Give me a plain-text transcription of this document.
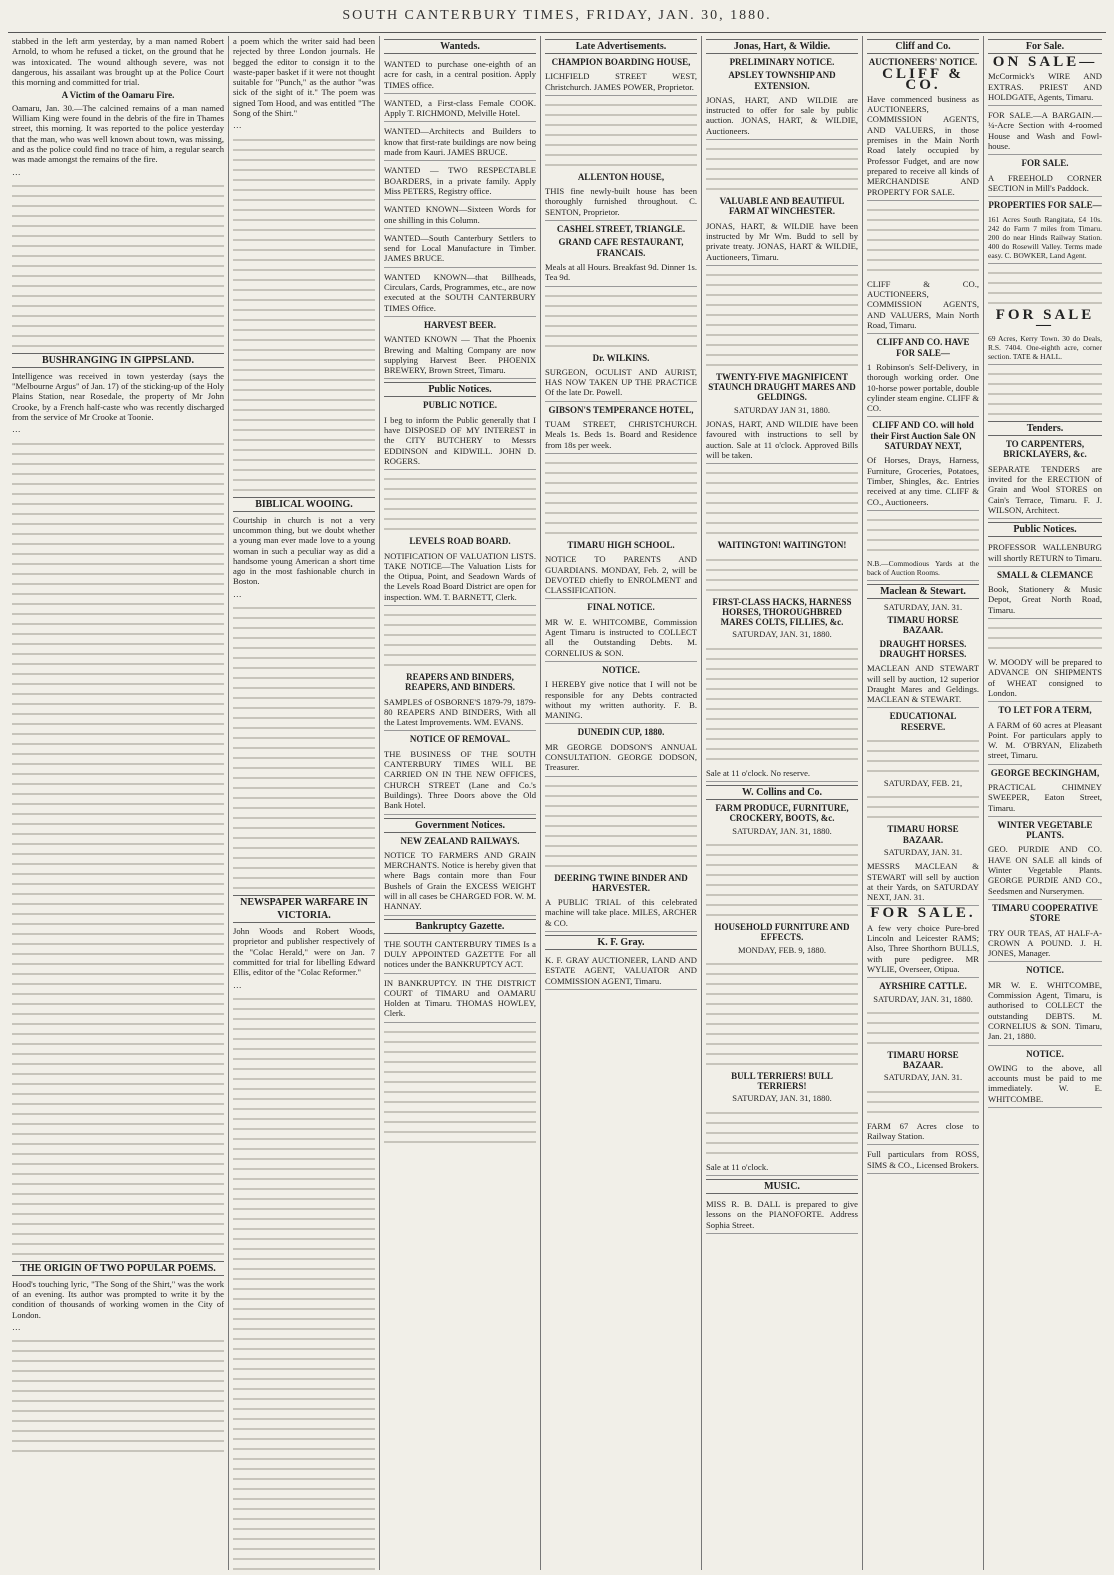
SOUTH CANTERBURY TIMES, FRIDAY, JAN. 30, 1880.

stabbed in the left arm yesterday, by a man named Robert Arnold, to whom he refused a ticket, on the ground that he was intoxicated. The wound although severe, was not dangerous, his assailant was brought up at the Police Court this morning and committed for trial.

A Victim of the Oamaru Fire.

Oamaru, Jan. 30.—The calcined remains of a man named William King were found in the debris of the fire in Thames street, this morning. It was reported to the police yesterday that the man, who was well known about town, was missing, and as the police could find no trace of him, a regular search was made amongst the remains of the fire.

…

BUSHRANGING IN GIPPSLAND.

Intelligence was received in town yesterday (says the "Melbourne Argus" of Jan. 17) of the sticking-up of the Holy Plains Station, near Rosedale, the property of Mr John Crooke, by a French half-caste who was recently discharged from the service of Mr Crooke at Toonie.

…

THE ORIGIN OF TWO POPULAR POEMS.

Hood's touching lyric, "The Song of the Shirt," was the work of an evening. Its author was prompted to write it by the condition of thousands of working women in the City of London.

…

a poem which the writer said had been rejected by three London journals. He begged the editor to consign it to the waste-paper basket if it were not thought suitable for "Punch," as the author "was sick of the sight of it." The poem was signed Tom Hood, and was entitled "The Song of the Shirt."

…

BIBLICAL WOOING.

Courtship in church is not a very uncommon thing, but we doubt whether a young man ever made love to a young woman in such a peculiar way as did a handsome young American a short time ago in the most fashionable church in Boston.

…

NEWSPAPER WARFARE IN VICTORIA.

John Woods and Robert Woods, proprietor and publisher respectively of the "Colac Herald," were on Jan. 7 committed for trial for libelling Edward Ellis, editor of the "Colac Reformer."

…

Wanteds.
WANTED to purchase one-eighth of an acre for cash, in a central position. Apply TIMES office.
WANTED, a First-class Female COOK. Apply T. RICHMOND, Melville Hotel.
WANTED—Architects and Builders to know that first-rate buildings are now being made from Kauri. JAMES BRUCE.
WANTED — TWO RESPECTABLE BOARDERS, in a private family. Apply Miss PETERS, Registry office.
WANTED KNOWN—Sixteen Words for one shilling in this Column.
WANTED—South Canterbury Settlers to send for Local Manufacture in Timber. JAMES BRUCE.
WANTED KNOWN—that Billheads, Circulars, Cards, Programmes, etc., are now executed at the SOUTH CANTERBURY TIMES Office.
HARVEST BEER.
WANTED KNOWN — That the Phoenix Brewing and Malting Company are now supplying Harvest Beer. PHOENIX BREWERY, Brown Street, Timaru.
Public Notices.
PUBLIC NOTICE.
I beg to inform the Public generally that I have DISPOSED OF MY INTEREST in the CITY BUTCHERY to Messrs EDDINSON and KIDWILL. JOHN D. ROGERS.
LEVELS ROAD BOARD.
NOTIFICATION OF VALUATION LISTS. TAKE NOTICE—The Valuation Lists for the Otipua, Point, and Seadown Wards of the Levels Road Board District are open for inspection. WM. T. BARNETT, Clerk.
REAPERS AND BINDERS, REAPERS, AND BINDERS.
SAMPLES of OSBORNE'S 1879-79, 1879-80 REAPERS AND BINDERS, With all the Latest Improvements. WM. EVANS.
NOTICE OF REMOVAL.
THE BUSINESS OF THE SOUTH CANTERBURY TIMES WILL BE CARRIED ON IN THE NEW OFFICES, CHURCH STREET (Lane and Co.'s Buildings). Three Doors above the Old Bank Hotel.
Government Notices.
NEW ZEALAND RAILWAYS.
NOTICE TO FARMERS AND GRAIN MERCHANTS. Notice is hereby given that where Bags contain more than Four Bushels of Grain the EXCESS WEIGHT will in all cases be CHARGED FOR. W. M. HANNAY.
Bankruptcy Gazette.
THE SOUTH CANTERBURY TIMES Is a DULY APPOINTED GAZETTE For all notices under the BANKRUPTCY ACT.
IN BANKRUPTCY. IN THE DISTRICT COURT of TIMARU and OAMARU Holden at Timaru. THOMAS HOWLEY, Clerk.
Late Advertisements.
CHAMPION BOARDING HOUSE,
LICHFIELD STREET WEST, Christchurch. JAMES POWER, Proprietor.
ALLENTON HOUSE,
THIS fine newly-built house has been thoroughly furnished throughout. C. SENTON, Proprietor.
CASHEL STREET, TRIANGLE.
GRAND CAFE RESTAURANT, FRANCAIS.
Meals at all Hours. Breakfast 9d. Dinner 1s. Tea 9d.
Dr. WILKINS.
SURGEON, OCULIST AND AURIST, HAS NOW TAKEN UP THE PRACTICE Of the late Dr. Powell.
GIBSON'S TEMPERANCE HOTEL,
TUAM STREET, CHRISTCHURCH. Meals 1s. Beds 1s. Board and Residence from 18s per week.
TIMARU HIGH SCHOOL.
NOTICE TO PARENTS AND GUARDIANS. MONDAY, Feb. 2, will be DEVOTED chiefly to ENROLMENT and CLASSIFICATION.
FINAL NOTICE.
MR W. E. WHITCOMBE, Commission Agent Timaru is instructed to COLLECT all the Outstanding Debts. M. CORNELIUS & SON.
NOTICE.
I HEREBY give notice that I will not be responsible for any Debts contracted without my written authority. F. B. MANING.
DUNEDIN CUP, 1880.
MR GEORGE DODSON'S ANNUAL CONSULTATION. GEORGE DODSON, Treasurer.
DEERING TWINE BINDER AND HARVESTER.
A PUBLIC TRIAL of this celebrated machine will take place. MILES, ARCHER & CO.
K. F. Gray.
K. F. GRAY AUCTIONEER, LAND AND ESTATE AGENT, VALUATOR AND COMMISSION AGENT, Timaru.
Jonas, Hart, & Wildie.
PRELIMINARY NOTICE.
APSLEY TOWNSHIP AND EXTENSION.
JONAS, HART, AND WILDIE are instructed to offer for sale by public auction. JONAS, HART, & WILDIE, Auctioneers.
VALUABLE AND BEAUTIFUL FARM AT WINCHESTER.
JONAS, HART, & WILDIE have been instructed by Mr Wm. Budd to sell by private treaty. JONAS, HART & WILDIE, Auctioneers, Timaru.
TWENTY-FIVE MAGNIFICENT STAUNCH DRAUGHT MARES AND GELDINGS.
SATURDAY JAN 31, 1880.
JONAS, HART, AND WILDIE have been favoured with instructions to sell by auction. Sale at 11 o'clock. Approved Bills will be taken.
WAITINGTON! WAITINGTON!
FIRST-CLASS HACKS, HARNESS HORSES, THOROUGHBRED MARES COLTS, FILLIES, &c.
SATURDAY, JAN. 31, 1880.
Sale at 11 o'clock. No reserve.
W. Collins and Co.
FARM PRODUCE, FURNITURE, CROCKERY, BOOTS, &c.
SATURDAY, JAN. 31, 1880.
HOUSEHOLD FURNITURE AND EFFECTS.
MONDAY, FEB. 9, 1880.
BULL TERRIERS! BULL TERRIERS!
SATURDAY, JAN. 31, 1880.
Sale at 11 o'clock.
MUSIC.
MISS R. B. DALL is prepared to give lessons on the PIANOFORTE. Address Sophia Street.
Cliff and Co.
AUCTIONEERS' NOTICE.
CLIFF & CO.
Have commenced business as AUCTIONEERS, COMMISSION AGENTS, AND VALUERS, in those premises in the Main North Road lately occupied by Professor Fudget, and are now prepared to receive all kinds of MERCHANDISE AND PROPERTY FOR SALE.
CLIFF & CO., AUCTIONEERS, COMMISSION AGENTS, AND VALUERS, Main North Road, Timaru.
CLIFF AND CO. HAVE FOR SALE—
1 Robinson's Self-Delivery, in thorough working order. One 10-horse power portable, double cylinder steam engine. CLIFF & CO.
CLIFF AND CO. will hold their First Auction Sale ON SATURDAY NEXT,
Of Horses, Drays, Harness, Furniture, Groceries, Potatoes, Timber, Shingles, &c. Entries received at any time. CLIFF & CO., Auctioneers.
N.B.—Commodious Yards at the back of Auction Rooms.
Maclean & Stewart.
SATURDAY, JAN. 31.
TIMARU HORSE BAZAAR.
DRAUGHT HORSES. DRAUGHT HORSES.
MACLEAN AND STEWART will sell by auction, 12 superior Draught Mares and Geldings. MACLEAN & STEWART.
EDUCATIONAL RESERVE.
SATURDAY, FEB. 21,
TIMARU HORSE BAZAAR.
SATURDAY, JAN. 31.
MESSRS MACLEAN & STEWART will sell by auction at their Yards, on SATURDAY NEXT, JAN. 31.
FOR SALE.
A few very choice Pure-bred Lincoln and Leicester RAMS; Also, Three Shorthorn BULLS, with pure pedigree. MR WYLIE, Overseer, Otipua.
AYRSHIRE CATTLE.
SATURDAY, JAN. 31, 1880.
TIMARU HORSE BAZAAR.
SATURDAY, JAN. 31.
FARM 67 Acres close to Railway Station.
Full particulars from ROSS, SIMS & CO., Licensed Brokers.
For Sale.
ON SALE—
McCormick's WIRE AND EXTRAS. PRIEST AND HOLDGATE, Agents, Timaru.
FOR SALE.—A BARGAIN.—¼-Acre Section with 4-roomed House and Wash and Fowl-house.
FOR SALE.
A FREEHOLD CORNER SECTION in Mill's Paddock.
PROPERTIES FOR SALE—
161 Acres South Rangitata, £4 10s. 242 do Farm 7 miles from Timaru. 200 do near Hinds Railway Station. 400 do Rosewill Valley. Terms made easy. C. BOWKER, Land Agent.
FOR SALE—
69 Acres, Kerry Town. 30 do Deals, R.S. 7404. One-eighth acre, corner section. TATE & HALL.
Tenders.
TO CARPENTERS, BRICKLAYERS, &c.
SEPARATE TENDERS are invited for the ERECTION of Grain and Wool STORES on Cain's Terrace, Timaru. F. J. WILSON, Architect.
Public Notices.
PROFESSOR WALLENBURG will shortly RETURN to Timaru.
SMALL & CLEMANCE
Book, Stationery & Music Depot, Great North Road, Timaru.
W. MOODY will be prepared to ADVANCE ON SHIPMENTS of WHEAT consigned to London.
TO LET FOR A TERM,
A FARM of 60 acres at Pleasant Point. For particulars apply to W. M. O'BRYAN, Elizabeth street, Timaru.
GEORGE BECKINGHAM,
PRACTICAL CHIMNEY SWEEPER, Eaton Street, Timaru.
WINTER VEGETABLE PLANTS.
GEO. PURDIE AND CO. HAVE ON SALE all kinds of Winter Vegetable Plants. GEORGE PURDIE AND CO., Seedsmen and Nurserymen.
TIMARU COOPERATIVE STORE
TRY OUR TEAS, AT HALF-A-CROWN A POUND. J. H. JONES, Manager.
NOTICE.
MR W. E. WHITCOMBE, Commission Agent, Timaru, is authorised to COLLECT the outstanding DEBTS. M. CORNELIUS & SON. Timaru, Jan. 21, 1880.
NOTICE.
OWING to the above, all accounts must be paid to me immediately. W. E. WHITCOMBE.
